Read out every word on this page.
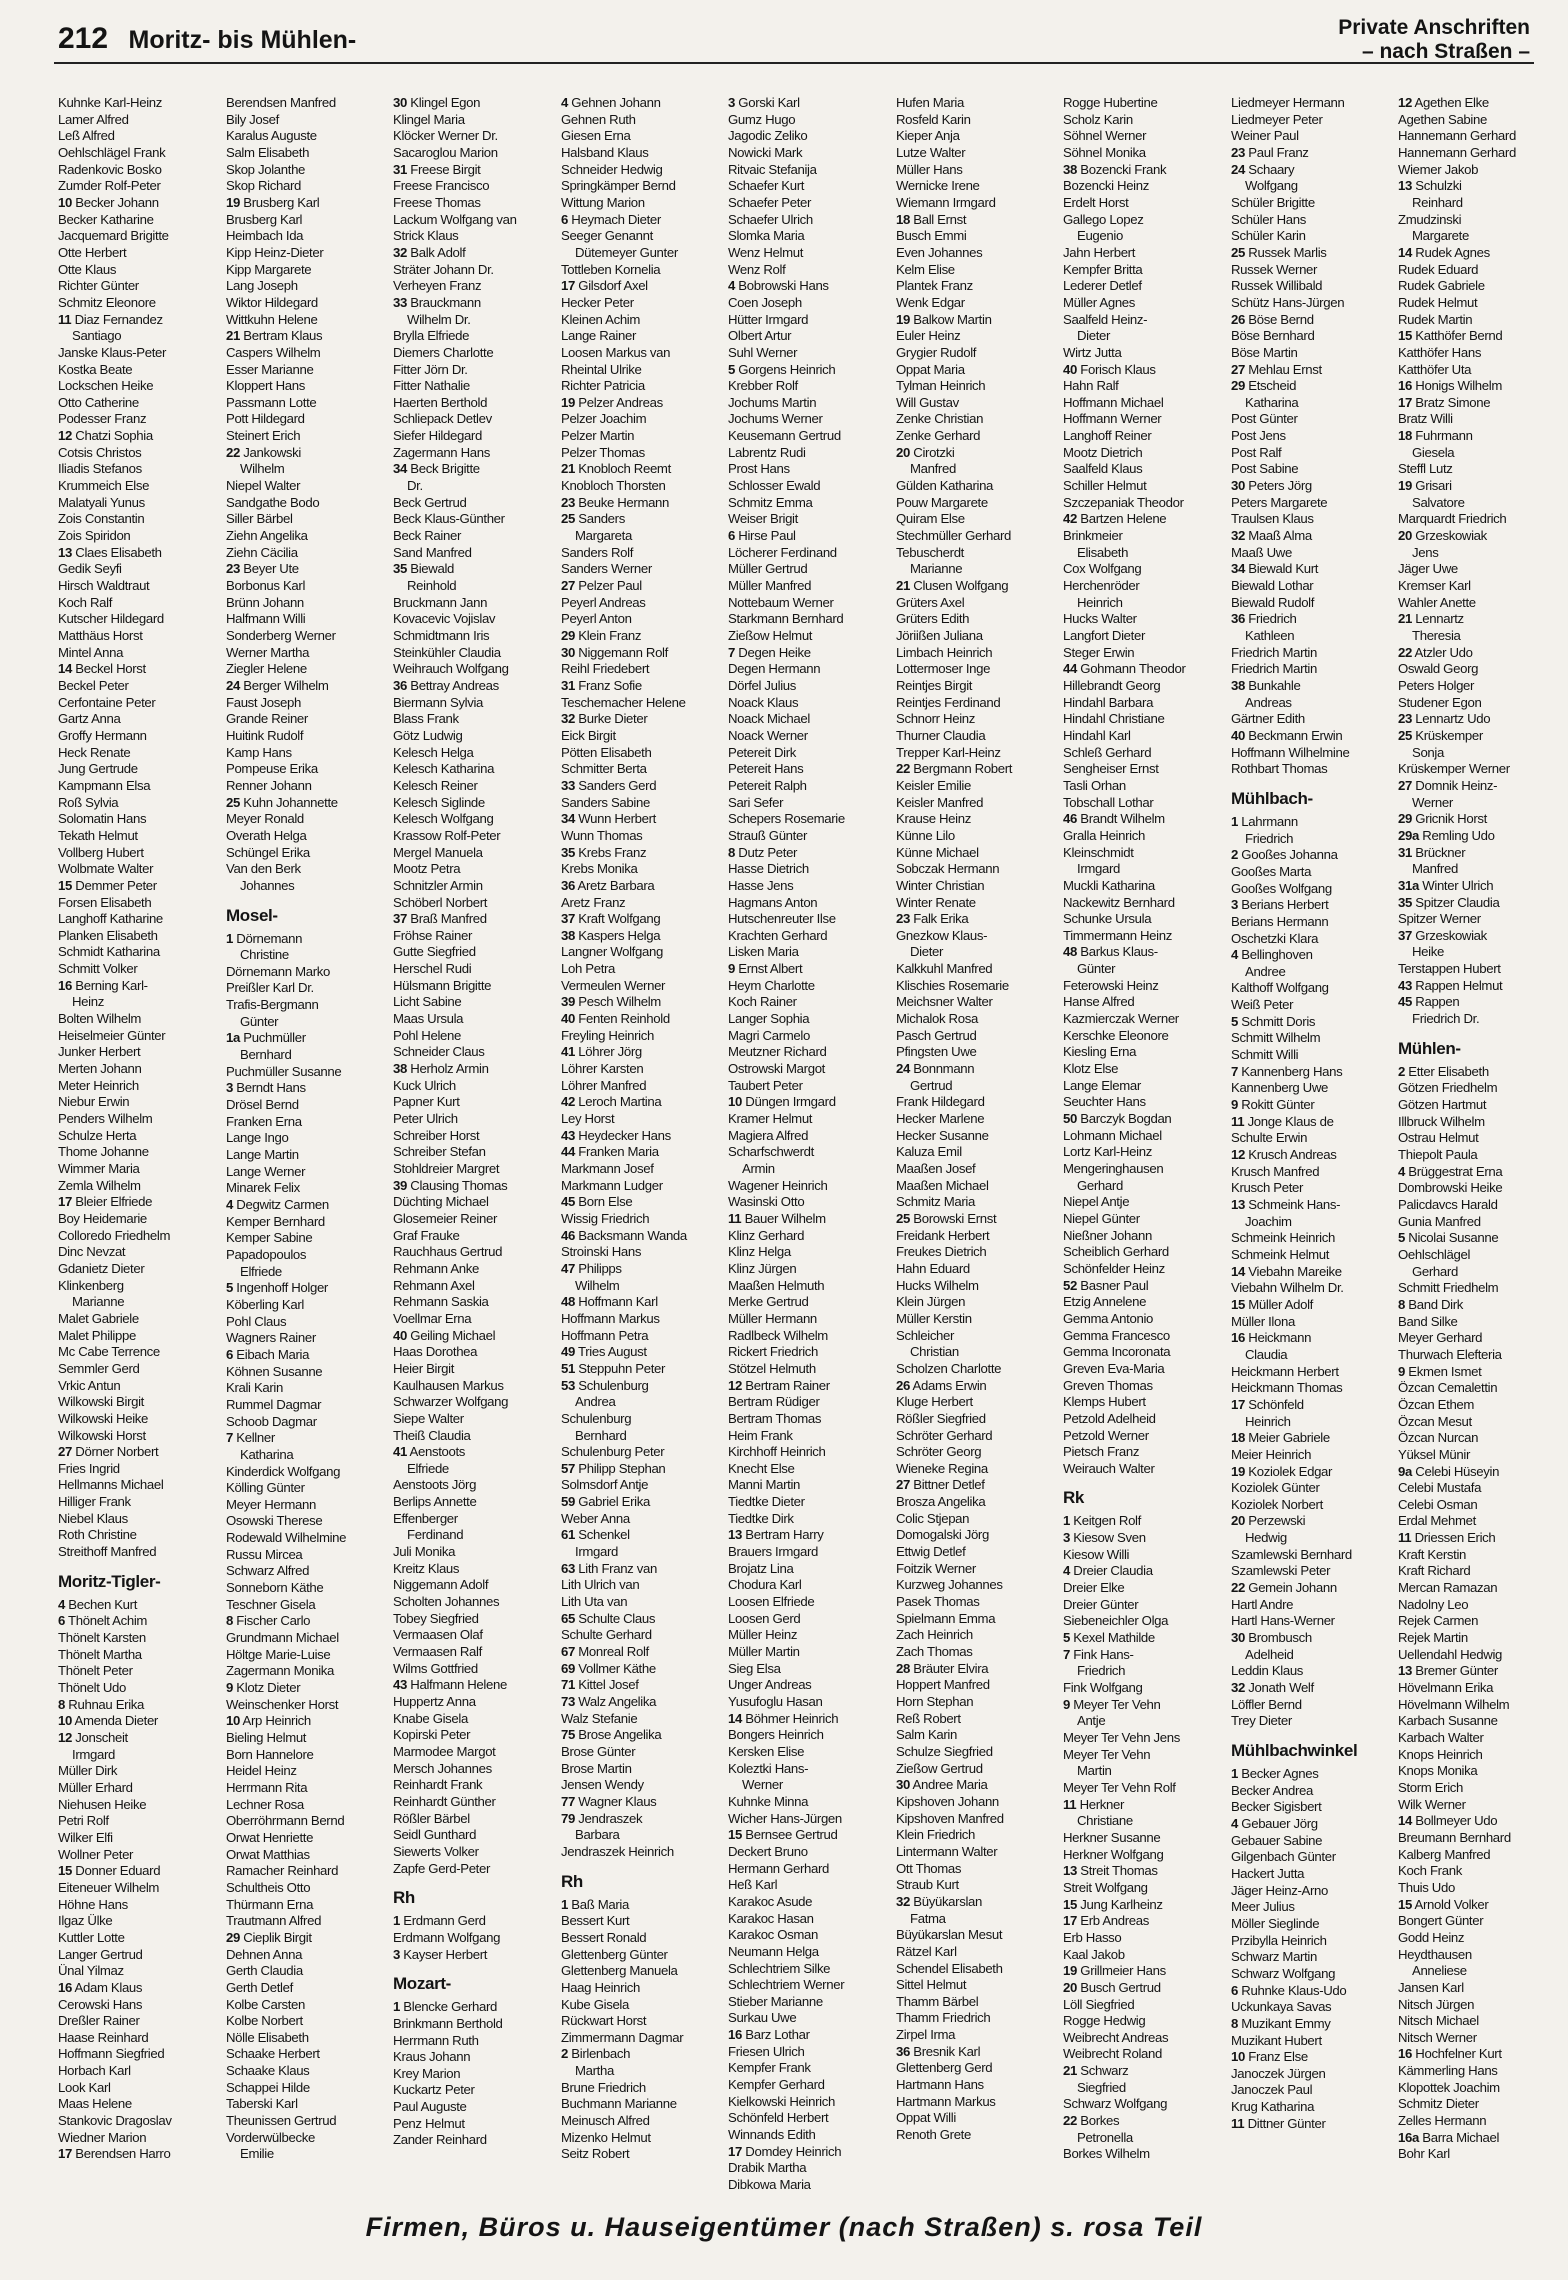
212 Moritz- bis Mühlen-	Private Anschriften
– nach Straßen –
Kuhnke Karl-Heinz
Lamer Alfred
Leß Alfred
Oehlschlägel Frank
Radenkovic Bosko
Zumder Rolf-Peter
10 Becker Johann
Becker Katharine
Jacquemard Brigitte
Otte Herbert
Otte Klaus
Richter Günter
Schmitz Eleonore
11 Diaz Fernandez
Santiago
Janske Klaus-Peter
Kostka Beate
Lockschen Heike
Otto Catherine
Podesser Franz
12 Chatzi Sophia
Cotsis Christos
Iliadis Stefanos
Krummeich Else
Malatyali Yunus
Zois Constantin
Zois Spiridon
13 Claes Elisabeth
Gedik Seyfi
Hirsch Waldtraut
Koch Ralf
Kutscher Hildegard
Matthäus Horst
Mintel Anna
14 Beckel Horst
Beckel Peter
Cerfontaine Peter
Gartz Anna
Groffy Hermann
Heck Renate
Jung Gertrude
Kampmann Elsa
Roß Sylvia
Solomatin Hans
Tekath Helmut
Vollberg Hubert
Wolbmate Walter
15 Demmer Peter
Forsen Elisabeth
Langhoff Katharine
Planken Elisabeth
Schmidt Katharina
Schmitt Volker
16 Berning Karl-
Heinz
Bolten Wilhelm
Heiselmeier Günter
Junker Herbert
Merten Johann
Meter Heinrich
Niebur Erwin
Penders Wilhelm
Schulze Herta
Thome Johanne
Wimmer Maria
Zemla Wilhelm
17 Bleier Elfriede
Boy Heidemarie
Colloredo Friedhelm
Dinc Nevzat
Gdanietz Dieter
Klinkenberg
Marianne
Malet Gabriele
Malet Philippe
Mc Cabe Terrence
Semmler Gerd
Vrkic Antun
Wilkowski Birgit
Wilkowski Heike
Wilkowski Horst
27 Dörner Norbert
Fries Ingrid
Hellmanns Michael
Hilliger Frank
Niebel Klaus
Roth Christine
Streithoff Manfred
Moritz-Tigler-
4 Bechen Kurt
6 Thönelt Achim
Thönelt Karsten
Thönelt Martha
Thönelt Peter
Thönelt Udo
8 Ruhnau Erika
10 Amenda Dieter
12 Jonscheit
Irmgard
Müller Dirk
Müller Erhard
Niehusen Heike
Petri Rolf
Wilker Elfi
Wollner Peter
15 Donner Eduard
Eiteneuer Wilhelm
Höhne Hans
Ilgaz Ülke
Kuttler Lotte
Langer Gertrud
Ünal Yilmaz
16 Adam Klaus
Cerowski Hans
Dreßler Rainer
Haase Reinhard
Hoffmann Siegfried
Horbach Karl
Look Karl
Maas Helene
Stankovic Dragoslav
Wiedner Marion
17 Berendsen Harro
Berendsen Manfred
Bily Josef
Karalus Auguste
Salm Elisabeth
Skop Jolanthe
Skop Richard
19 Brusberg Karl
Brusberg Karl
Heimbach Ida
Kipp Heinz-Dieter
Kipp Margarete
Lang Joseph
Wiktor Hildegard
Wittkuhn Helene
21 Bertram Klaus
Caspers Wilhelm
Esser Marianne
Kloppert Hans
Passmann Lotte
Pott Hildegard
Steinert Erich
22 Jankowski
Wilhelm
Niepel Walter
Sandgathe Bodo
Siller Bärbel
Ziehn Angelika
Ziehn Cäcilia
23 Beyer Ute
Borbonus Karl
Brünn Johann
Halfmann Willi
Sonderberg Werner
Werner Martha
Ziegler Helene
24 Berger Wilhelm
Faust Joseph
Grande Reiner
Huitink Rudolf
Kamp Hans
Pompeuse Erika
Renner Johann
25 Kuhn Johannette
Meyer Ronald
Overath Helga
Schüngel Erika
Van den Berk
Johannes
Mosel-
1 Dörnemann
Christine
Dörnemann Marko
Preißler Karl Dr.
Trafis-Bergmann
Günter
1a Puchmüller
Bernhard
Puchmüller Susanne
3 Berndt Hans
Drösel Bernd
Franken Erna
Lange Ingo
Lange Martin
Lange Werner
Minarek Felix
4 Degwitz Carmen
Kemper Bernhard
Kemper Sabine
Papadopoulos
Elfriede
5 Ingenhoff Holger
Köberling Karl
Pohl Claus
Wagners Rainer
6 Eibach Maria
Köhnen Susanne
Krali Karin
Rummel Dagmar
Schoob Dagmar
7 Kellner
Katharina
Kinderdick Wolfgang
Kölling Günter
Meyer Hermann
Osowski Therese
Rodewald Wilhelmine
Russu Mircea
Schwarz Alfred
Sonneborn Käthe
Teschner Gisela
8 Fischer Carlo
Grundmann Michael
Höltge Marie-Luise
Zagermann Monika
9 Klotz Dieter
Weinschenker Horst
10 Arp Heinrich
Bieling Helmut
Born Hannelore
Heidel Heinz
Herrmann Rita
Lechner Rosa
Oberröhrmann Bernd
Orwat Henriette
Orwat Matthias
Ramacher Reinhard
Schultheis Otto
Thürmann Erna
Trautmann Alfred
29 Cieplik Birgit
Dehnen Anna
Gerth Claudia
Gerth Detlef
Kolbe Carsten
Kolbe Norbert
Nölle Elisabeth
Schaake Herbert
Schaake Klaus
Schappei Hilde
Taberski Karl
Theunissen Gertrud
Vorderwülbecke
Emilie
30 Klingel Egon
Klingel Maria
Klöcker Werner Dr.
Sacaroglou Marion
31 Freese Birgit
Freese Francisco
Freese Thomas
Lackum Wolfgang van
Strick Klaus
32 Balk Adolf
Sträter Johann Dr.
Verheyen Franz
33 Brauckmann
Wilhelm Dr.
Brylla Elfriede
Diemers Charlotte
Fitter Jörn Dr.
Fitter Nathalie
Haerten Berthold
Schliepack Detlev
Siefer Hildegard
Zagermann Hans
34 Beck Brigitte
Dr.
Beck Gertrud
Beck Klaus-Günther
Beck Rainer
Sand Manfred
35 Biewald
Reinhold
Bruckmann Jann
Kovacevic Vojislav
Schmidtmann Iris
Steinkühler Claudia
Weihrauch Wolfgang
36 Bettray Andreas
Biermann Sylvia
Blass Frank
Götz Ludwig
Kelesch Helga
Kelesch Katharina
Kelesch Reiner
Kelesch Siglinde
Kelesch Wolfgang
Krassow Rolf-Peter
Mergel Manuela
Mootz Petra
Schnitzler Armin
Schöberl Norbert
37 Braß Manfred
Fröhse Rainer
Gutte Siegfried
Herschel Rudi
Hülsmann Brigitte
Licht Sabine
Maas Ursula
Pohl Helene
Schneider Claus
38 Herholz Armin
Kuck Ulrich
Papner Kurt
Peter Ulrich
Schreiber Horst
Schreiber Stefan
Stohldreier Margret
39 Clausing Thomas
Düchting Michael
Glosemeier Reiner
Graf Frauke
Rauchhaus Gertrud
Rehmann Anke
Rehmann Axel
Rehmann Saskia
Voellmar Erna
40 Geiling Michael
Haas Dorothea
Heier Birgit
Kaulhausen Markus
Schwarzer Wolfgang
Siepe Walter
Theiß Claudia
41 Aenstoots
Elfriede
Aenstoots Jörg
Berlips Annette
Effenberger
Ferdinand
Juli Monika
Kreitz Klaus
Niggemann Adolf
Scholten Johannes
Tobey Siegfried
Vermaasen Olaf
Vermaasen Ralf
Wilms Gottfried
43 Halfmann Helene
Huppertz Anna
Knabe Gisela
Kopirski Peter
Marmodee Margot
Mersch Johannes
Reinhardt Frank
Reinhardt Günther
Rößler Bärbel
Seidl Gunthard
Siewerts Volker
Zapfe Gerd-Peter
Rh
1 Erdmann Gerd
Erdmann Wolfgang
3 Kayser Herbert
Mozart-
1 Blencke Gerhard
Brinkmann Berthold
Herrmann Ruth
Kraus Johann
Krey Marion
Kuckartz Peter
Paul Auguste
Penz Helmut
Zander Reinhard
4 Gehnen Johann
Gehnen Ruth
Giesen Erna
Halsband Klaus
Schneider Hedwig
Springkämper Bernd
Wittung Marion
6 Heymach Dieter
Seeger Genannt
Dütemeyer Gunter
Tottleben Kornelia
17 Gilsdorf Axel
Hecker Peter
Kleinen Achim
Lange Rainer
Loosen Markus van
Rheintal Ulrike
Richter Patricia
19 Pelzer Andreas
Pelzer Joachim
Pelzer Martin
Pelzer Thomas
21 Knobloch Reemt
Knobloch Thorsten
23 Beuke Hermann
25 Sanders
Margareta
Sanders Rolf
Sanders Werner
27 Pelzer Paul
Peyerl Andreas
Peyerl Anton
29 Klein Franz
30 Niggemann Rolf
Reihl Friedebert
31 Franz Sofie
Teschemacher Helene
32 Burke Dieter
Eick Birgit
Pötten Elisabeth
Schmitter Berta
33 Sanders Gerd
Sanders Sabine
34 Wunn Herbert
Wunn Thomas
35 Krebs Franz
Krebs Monika
36 Aretz Barbara
Aretz Franz
37 Kraft Wolfgang
38 Kaspers Helga
Langner Wolfgang
Loh Petra
Vermeulen Werner
39 Pesch Wilhelm
40 Fenten Reinhold
Freyling Heinrich
41 Löhrer Jörg
Löhrer Karsten
Löhrer Manfred
42 Leroch Martina
Ley Horst
43 Heydecker Hans
44 Franken Maria
Markmann Josef
Markmann Ludger
45 Born Else
Wissig Friedrich
46 Backsmann Wanda
Stroinski Hans
47 Philipps
Wilhelm
48 Hoffmann Karl
Hoffmann Markus
Hoffmann Petra
49 Tries August
51 Steppuhn Peter
53 Schulenburg
Andrea
Schulenburg
Bernhard
Schulenburg Peter
57 Philipp Stephan
Solmsdorf Antje
59 Gabriel Erika
Weber Anna
61 Schenkel
Irmgard
63 Lith Franz van
Lith Ulrich van
Lith Uta van
65 Schulte Claus
Schulte Gerhard
67 Monreal Rolf
69 Vollmer Käthe
71 Kittel Josef
73 Walz Angelika
Walz Stefanie
75 Brose Angelika
Brose Günter
Brose Martin
Jensen Wendy
77 Wagner Klaus
79 Jendraszek
Barbara
Jendraszek Heinrich
Rh
1 Baß Maria
Bessert Kurt
Bessert Ronald
Glettenberg Günter
Glettenberg Manuela
Haag Heinrich
Kube Gisela
Rückwart Horst
Zimmermann Dagmar
2 Birlenbach
Martha
Brune Friedrich
Buchmann Marianne
Meinusch Alfred
Mizenko Helmut
Seitz Robert
3 Gorski Karl
Gumz Hugo
Jagodic Zeliko
Nowicki Mark
Ritvaic Stefanija
Schaefer Kurt
Schaefer Peter
Schaefer Ulrich
Slomka Maria
Wenz Helmut
Wenz Rolf
4 Bobrowski Hans
Coen Joseph
Hütter Irmgard
Olbert Artur
Suhl Werner
5 Gorgens Heinrich
Krebber Rolf
Jochums Martin
Jochums Werner
Keusemann Gertrud
Labrentz Rudi
Prost Hans
Schlosser Ewald
Schmitz Emma
Weiser Brigit
6 Hirse Paul
Löcherer Ferdinand
Müller Gertrud
Müller Manfred
Nottebaum Werner
Starkmann Bernhard
Zießow Helmut
7 Degen Heike
Degen Hermann
Dörfel Julius
Noack Klaus
Noack Michael
Noack Werner
Petereit Dirk
Petereit Hans
Petereit Ralph
Sari Sefer
Schepers Rosemarie
Strauß Günter
8 Dutz Peter
Hasse Dietrich
Hasse Jens
Hagmans Anton
Hutschenreuter Ilse
Krachten Gerhard
Lisken Maria
9 Ernst Albert
Heym Charlotte
Koch Rainer
Langer Sophia
Magri Carmelo
Meutzner Richard
Ostrowski Margot
Taubert Peter
10 Düngen Irmgard
Kramer Helmut
Magiera Alfred
Scharfschwerdt
Armin
Wagener Heinrich
Wasinski Otto
11 Bauer Wilhelm
Klinz Gerhard
Klinz Helga
Klinz Jürgen
Maaßen Helmuth
Merke Gertrud
Müller Hermann
Radlbeck Wilhelm
Rickert Friedrich
Stötzel Helmuth
12 Bertram Rainer
Bertram Rüdiger
Bertram Thomas
Heim Frank
Kirchhoff Heinrich
Knecht Else
Manni Martin
Tiedtke Dieter
Tiedtke Dirk
13 Bertram Harry
Brauers Irmgard
Brojatz Lina
Chodura Karl
Loosen Elfriede
Loosen Gerd
Müller Heinz
Müller Martin
Sieg Elsa
Unger Andreas
Yusufoglu Hasan
14 Böhmer Heinrich
Bongers Heinrich
Kersken Elise
Koleztki Hans-
Werner
Kuhnke Minna
Wicher Hans-Jürgen
15 Bernsee Gertrud
Deckert Bruno
Hermann Gerhard
Heß Karl
Karakoc Asude
Karakoc Hasan
Karakoc Osman
Neumann Helga
Schlechtriem Silke
Schlechtriem Werner
Stieber Marianne
Surkau Uwe
16 Barz Lothar
Friesen Ulrich
Kempfer Frank
Kempfer Gerhard
Kielkowski Heinrich
Schönfeld Herbert
Winnands Edith
17 Domdey Heinrich
Drabik Martha
Dibkowa Maria
Hufen Maria
Rosfeld Karin
Kieper Anja
Lutze Walter
Müller Hans
Wernicke Irene
Wiemann Irmgard
18 Ball Ernst
Busch Emmi
Even Johannes
Kelm Elise
Plantek Franz
Wenk Edgar
19 Balkow Martin
Euler Heinz
Grygier Rudolf
Oppat Maria
Tylman Heinrich
Will Gustav
Zenke Christian
Zenke Gerhard
20 Cirotzki
Manfred
Gülden Katharina
Pouw Margarete
Quiram Else
Stechmüller Gerhard
Tebuscherdt
Marianne
21 Clusen Wolfgang
Grüters Axel
Grüters Edith
Jöriißen Juliana
Limbach Heinrich
Lottermoser Inge
Reintjes Birgit
Reintjes Ferdinand
Schnorr Heinz
Thurner Claudia
Trepper Karl-Heinz
22 Bergmann Robert
Keisler Emilie
Keisler Manfred
Krause Heinz
Künne Lilo
Künne Michael
Sobczak Hermann
Winter Christian
Winter Renate
23 Falk Erika
Gnezkow Klaus-
Dieter
Kalkkuhl Manfred
Klischies Rosemarie
Meichsner Walter
Michalok Rosa
Pasch Gertrud
Pfingsten Uwe
24 Bonnmann
Gertrud
Frank Hildegard
Hecker Marlene
Hecker Susanne
Kaluza Emil
Maaßen Josef
Maaßen Michael
Schmitz Maria
25 Borowski Ernst
Freidank Herbert
Freukes Dietrich
Hahn Eduard
Hucks Wilhelm
Klein Jürgen
Müller Kerstin
Schleicher
Christian
Scholzen Charlotte
26 Adams Erwin
Kluge Herbert
Rößler Siegfried
Schröter Gerhard
Schröter Georg
Wieneke Regina
27 Bittner Detlef
Brosza Angelika
Colic Stjepan
Domogalski Jörg
Ettwig Detlef
Foitzik Werner
Kurzweg Johannes
Pasek Thomas
Spielmann Emma
Zach Heinrich
Zach Thomas
28 Bräuter Elvira
Hoppert Manfred
Horn Stephan
Reß Robert
Salm Karin
Schulze Siegfried
Zießow Gertrud
30 Andree Maria
Kipshoven Johann
Kipshoven Manfred
Klein Friedrich
Lintermann Walter
Ott Thomas
Straub Kurt
32 Büyükarslan
Fatma
Büyükarslan Mesut
Rätzel Karl
Schendel Elisabeth
Sittel Helmut
Thamm Bärbel
Thamm Friedrich
Zirpel Irma
36 Bresnik Karl
Glettenberg Gerd
Hartmann Hans
Hartmann Markus
Oppat Willi
Renoth Grete
Rogge Hubertine
Scholz Karin
Söhnel Werner
Söhnel Monika
38 Bozencki Frank
Bozencki Heinz
Erdelt Horst
Gallego Lopez
Eugenio
Jahn Herbert
Kempfer Britta
Lederer Detlef
Müller Agnes
Saalfeld Heinz-
Dieter
Wirtz Jutta
40 Forisch Klaus
Hahn Ralf
Hoffmann Michael
Hoffmann Werner
Langhoff Reiner
Mootz Dietrich
Saalfeld Klaus
Schiller Helmut
Szczepaniak Theodor
42 Bartzen Helene
Brinkmeier
Elisabeth
Cox Wolfgang
Herchenröder
Heinrich
Hucks Walter
Langfort Dieter
Steger Erwin
44 Gohmann Theodor
Hillebrandt Georg
Hindahl Barbara
Hindahl Christiane
Hindahl Karl
Schleß Gerhard
Sengheiser Ernst
Tasli Orhan
Tobschall Lothar
46 Brandt Wilhelm
Gralla Heinrich
Kleinschmidt
Irmgard
Muckli Katharina
Nackewitz Bernhard
Schunke Ursula
Timmermann Heinz
48 Barkus Klaus-
Günter
Feterowski Heinz
Hanse Alfred
Kazmierczak Werner
Kerschke Eleonore
Kiesling Erna
Klotz Else
Lange Elemar
Seuchter Hans
50 Barczyk Bogdan
Lohmann Michael
Lortz Karl-Heinz
Mengeringhausen
Gerhard
Niepel Antje
Niepel Günter
Nießner Johann
Scheiblich Gerhard
Schönfelder Heinz
52 Basner Paul
Etzig Annelene
Gemma Antonio
Gemma Francesco
Gemma Incoronata
Greven Eva-Maria
Greven Thomas
Klemps Hubert
Petzold Adelheid
Petzold Werner
Pietsch Franz
Weirauch Walter
Rk
1 Keitgen Rolf
3 Kiesow Sven
Kiesow Willi
4 Dreier Claudia
Dreier Elke
Dreier Günter
Siebeneichler Olga
5 Kexel Mathilde
7 Fink Hans-
Friedrich
Fink Wolfgang
9 Meyer Ter Vehn
Antje
Meyer Ter Vehn Jens
Meyer Ter Vehn
Martin
Meyer Ter Vehn Rolf
11 Herkner
Christiane
Herkner Susanne
Herkner Wolfgang
13 Streit Thomas
Streit Wolfgang
15 Jung Karlheinz
17 Erb Andreas
Erb Hasso
Kaal Jakob
19 Grillmeier Hans
20 Busch Gertrud
Löll Siegfried
Rogge Hedwig
Weibrecht Andreas
Weibrecht Roland
21 Schwarz
Siegfried
Schwarz Wolfgang
22 Borkes
Petronella
Borkes Wilhelm
Liedmeyer Hermann
Liedmeyer Peter
Weiner Paul
23 Paul Franz
24 Schaary
Wolfgang
Schüler Brigitte
Schüler Hans
Schüler Karin
25 Russek Marlis
Russek Werner
Russek Willibald
Schütz Hans-Jürgen
26 Böse Bernd
Böse Bernhard
Böse Martin
27 Mehlau Ernst
29 Etscheid
Katharina
Post Günter
Post Jens
Post Ralf
Post Sabine
30 Peters Jörg
Peters Margarete
Traulsen Klaus
32 Maaß Alma
Maaß Uwe
34 Biewald Kurt
Biewald Lothar
Biewald Rudolf
36 Friedrich
Kathleen
Friedrich Martin
Friedrich Martin
38 Bunkahle
Andreas
Gärtner Edith
40 Beckmann Erwin
Hoffmann Wilhelmine
Rothbart Thomas
Mühlbach-
1 Lahrmann
Friedrich
2 Gooßes Johanna
Gooßes Marta
Gooßes Wolfgang
3 Berians Herbert
Berians Hermann
Oschetzki Klara
4 Bellinghoven
Andree
Kalthoff Wolfgang
Weiß Peter
5 Schmitt Doris
Schmitt Wilhelm
Schmitt Willi
7 Kannenberg Hans
Kannenberg Uwe
9 Rokitt Günter
11 Jonge Klaus de
Schulte Erwin
12 Krusch Andreas
Krusch Manfred
Krusch Peter
13 Schmeink Hans-
Joachim
Schmeink Heinrich
Schmeink Helmut
14 Viebahn Mareike
Viebahn Wilhelm Dr.
15 Müller Adolf
Müller Ilona
16 Heickmann
Claudia
Heickmann Herbert
Heickmann Thomas
17 Schönfeld
Heinrich
18 Meier Gabriele
Meier Heinrich
19 Koziolek Edgar
Koziolek Günter
Koziolek Norbert
20 Perzewski
Hedwig
Szamlewski Bernhard
Szamlewski Peter
22 Gemein Johann
Hartl Andre
Hartl Hans-Werner
30 Brombusch
Adelheid
Leddin Klaus
32 Jonath Welf
Löffler Bernd
Trey Dieter
Mühlbachwinkel
1 Becker Agnes
Becker Andrea
Becker Sigisbert
4 Gebauer Jörg
Gebauer Sabine
Gilgenbach Günter
Hackert Jutta
Jäger Heinz-Arno
Meer Julius
Möller Sieglinde
Przibylla Heinrich
Schwarz Martin
Schwarz Wolfgang
6 Ruhnke Klaus-Udo
Uckunkaya Savas
8 Muzikant Emmy
Muzikant Hubert
10 Franz Else
Janoczek Jürgen
Janoczek Paul
Krug Katharina
11 Dittner Günter
12 Agethen Elke
Agethen Sabine
Hannemann Gerhard
Hannemann Gerhard
Wiemer Jakob
13 Schulzki
Reinhard
Zmudzinski
Margarete
14 Rudek Agnes
Rudek Eduard
Rudek Gabriele
Rudek Helmut
Rudek Martin
15 Katthöfer Bernd
Katthöfer Hans
Katthöfer Uta
16 Honigs Wilhelm
17 Bratz Simone
Bratz Willi
18 Fuhrmann
Giesela
Steffl Lutz
19 Grisari
Salvatore
Marquardt Friedrich
20 Grzeskowiak
Jens
Jäger Uwe
Kremser Karl
Wahler Anette
21 Lennartz
Theresia
22 Atzler Udo
Oswald Georg
Peters Holger
Studener Egon
23 Lennartz Udo
25 Krüskemper
Sonja
Krüskemper Werner
27 Domnik Heinz-
Werner
29 Gricnik Horst
29a Remling Udo
31 Brückner
Manfred
31a Winter Ulrich
35 Spitzer Claudia
Spitzer Werner
37 Grzeskowiak
Heike
Terstappen Hubert
43 Rappen Helmut
45 Rappen
Friedrich Dr.
Mühlen-
2 Etter Elisabeth
Götzen Friedhelm
Götzen Hartmut
Illbruck Wilhelm
Ostrau Helmut
Thiepolt Paula
4 Brüggestrat Erna
Dombrowski Heike
Palicdavcs Harald
Gunia Manfred
5 Nicolai Susanne
Oehlschlägel
Gerhard
Schmitt Friedhelm
8 Band Dirk
Band Silke
Meyer Gerhard
Thurwach Elefteria
9 Ekmen Ismet
Özcan Cemalettin
Özcan Ethem
Özcan Mesut
Özcan Nurcan
Yüksel Münir
9a Celebi Hüseyin
Celebi Mustafa
Celebi Osman
Erdal Mehmet
11 Driessen Erich
Kraft Kerstin
Kraft Richard
Mercan Ramazan
Nadolny Leo
Rejek Carmen
Rejek Martin
Uellendahl Hedwig
13 Bremer Günter
Hövelmann Erika
Hövelmann Wilhelm
Karbach Susanne
Karbach Walter
Knops Heinrich
Knops Monika
Storm Erich
Wilk Werner
14 Bollmeyer Udo
Breumann Bernhard
Kalberg Manfred
Koch Frank
Thuis Udo
15 Arnold Volker
Bongert Günter
Godd Heinz
Heydthausen
Anneliese
Jansen Karl
Nitsch Jürgen
Nitsch Michael
Nitsch Werner
16 Hochfelner Kurt
Kämmerling Hans
Klopottek Joachim
Schmitz Dieter
Zelles Hermann
16a Barra Michael
Bohr Karl
Firmen, Büros u. Hauseigentümer (nach Straßen) s. rosa Teil
